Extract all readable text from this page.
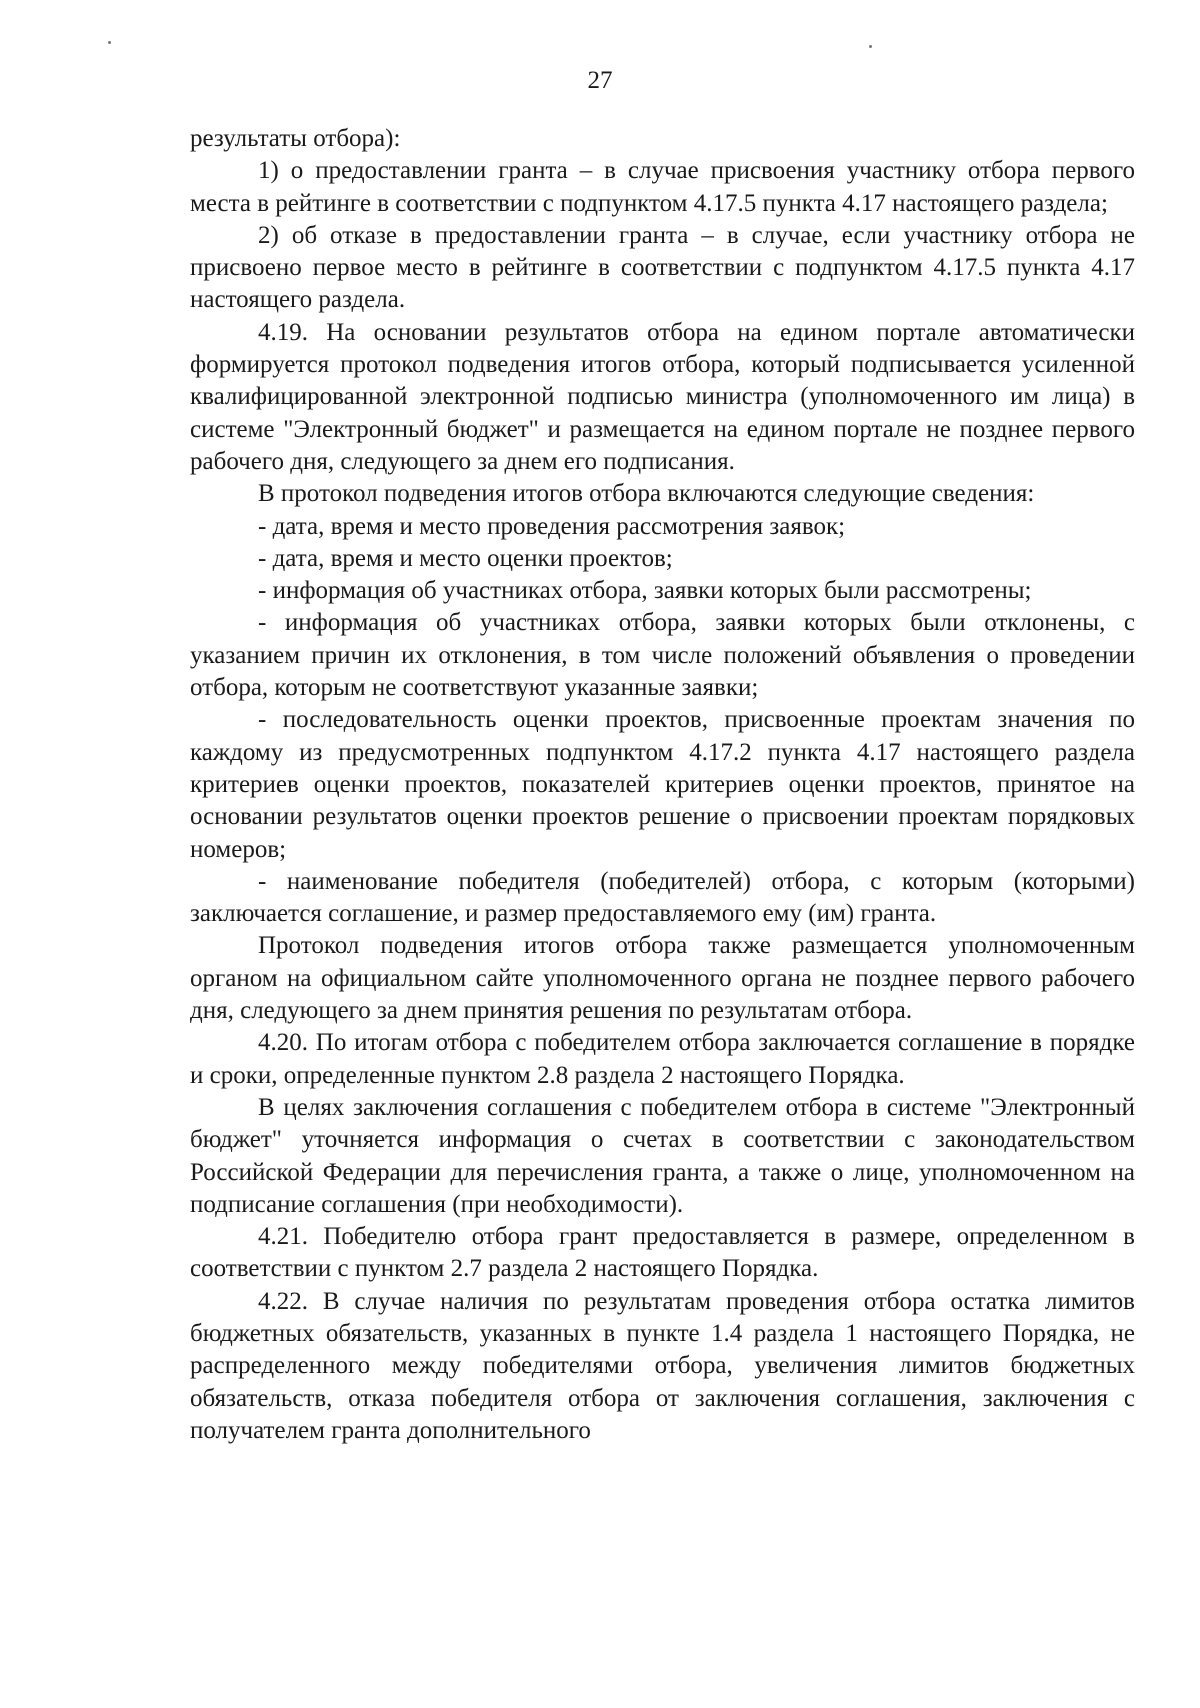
27

результаты отбора):

1) о предоставлении гранта – в случае присвоения участнику отбора первого места в рейтинге в соответствии с подпунктом 4.17.5 пункта 4.17 настоящего раздела;

2) об отказе в предоставлении гранта – в случае, если участнику отбора не присвоено первое место в рейтинге в соответствии с подпунктом 4.17.5 пункта 4.17 настоящего раздела.

4.19. На основании результатов отбора на едином портале автоматически формируется протокол подведения итогов отбора, который подписывается усиленной квалифицированной электронной подписью министра (уполномоченного им лица) в системе "Электронный бюджет" и размещается на едином портале не позднее первого рабочего дня, следующего за днем его подписания.

В протокол подведения итогов отбора включаются следующие сведения:

- дата, время и место проведения рассмотрения заявок;

- дата, время и место оценки проектов;

- информация об участниках отбора, заявки которых были рассмотрены;

- информация об участниках отбора, заявки которых были отклонены, с указанием причин их отклонения, в том числе положений объявления о проведении отбора, которым не соответствуют указанные заявки;

- последовательность оценки проектов, присвоенные проектам значения по каждому из предусмотренных подпунктом 4.17.2 пункта 4.17 настоящего раздела критериев оценки проектов, показателей критериев оценки проектов, принятое на основании результатов оценки проектов решение о присвоении проектам порядковых номеров;

- наименование победителя (победителей) отбора, с которым (которыми) заключается соглашение, и размер предоставляемого ему (им) гранта.

Протокол подведения итогов отбора также размещается уполномоченным органом на официальном сайте уполномоченного органа не позднее первого рабочего дня, следующего за днем принятия решения по результатам отбора.

4.20. По итогам отбора с победителем отбора заключается соглашение в порядке и сроки, определенные пунктом 2.8 раздела 2 настоящего Порядка.

В целях заключения соглашения с победителем отбора в системе "Электронный бюджет" уточняется информация о счетах в соответствии с законодательством Российской Федерации для перечисления гранта, а также о лице, уполномоченном на подписание соглашения (при необходимости).

4.21. Победителю отбора грант предоставляется в размере, определенном в соответствии с пунктом 2.7 раздела 2 настоящего Порядка.

4.22. В случае наличия по результатам проведения отбора остатка лимитов бюджетных обязательств, указанных в пункте 1.4 раздела 1 настоящего Порядка, не распределенного между победителями отбора, увеличения лимитов бюджетных обязательств, отказа победителя отбора от заключения соглашения, заключения с получателем гранта дополнительного
